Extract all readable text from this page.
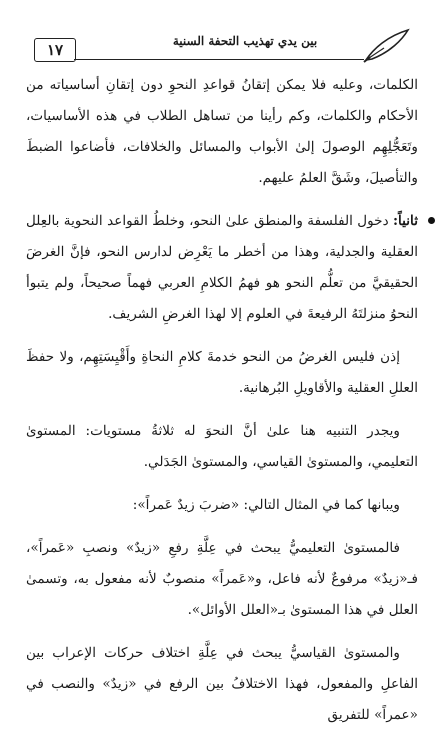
١٧	بين يدي تهذيب التحفة السنية

الكلمات، وعليه فلا يمكن إتقانُ قواعدِ النحوِ دون إتقانِ أساسياته من الأحكام والكلمات، وكم رأينا من تساهل الطلاب في هذه الأساسيات، وتَعَجُّلِهِم الوصولَ إلىٰ الأبواب والمسائل والخلافات، فأضاعوا الضبطَ والتأصيلَ، وشَقَّ العلمُ عليهم.

ثانياً: دخول الفلسفة والمنطق علىٰ النحو، وخلطُ القواعد النحوية بالعِلل العقلية والجدلية، وهذا من أخطر ما يَعْرِض لدارس النحو، فإنَّ الغرضَ الحقيقيَّ من تعلُّم النحو هو فهمُ الكلامِ العربي فهماً صحيحاً، ولم يتبوأ النحوُ منزلتَهُ الرفيعةَ في العلوم إلا لهذا الغرضِ الشريف.

إذن فليس الغرضُ من النحو خدمةَ كلامِ النحاةِ وأَقْيِسَتِهِم، ولا حفظَ العللِ العقلية والأقاويلِ البُرهانية.

ويجدر التنبيه هنا علىٰ أنَّ النحوَ له ثلاثةُ مستويات: المستوىٰ التعليمي، والمستوىٰ القياسي، والمستوىٰ الجَدَلي.

ويبانها كما في المثال التالي: «ضربَ زيدٌ عَمراً»:

فالمستوىٰ التعليميُّ يبحث في عِلَّةِ رفعِ «زيدٌ» ونصبِ «عَمراً»، فـ«زيدٌ» مرفوعٌ لأنه فاعل، و«عَمراً» منصوبٌ لأنه مفعول به، وتسمىٰ العلل في هذا المستوىٰ بـ«العلل الأوائل».

والمستوىٰ القياسيُّ يبحث في عِلَّةِ اختلاف حركات الإعراب بين الفاعلِ والمفعول، فهذا الاختلافُ بين الرفع في «زيدٌ» والنصب في «عمراً» للتفريق
